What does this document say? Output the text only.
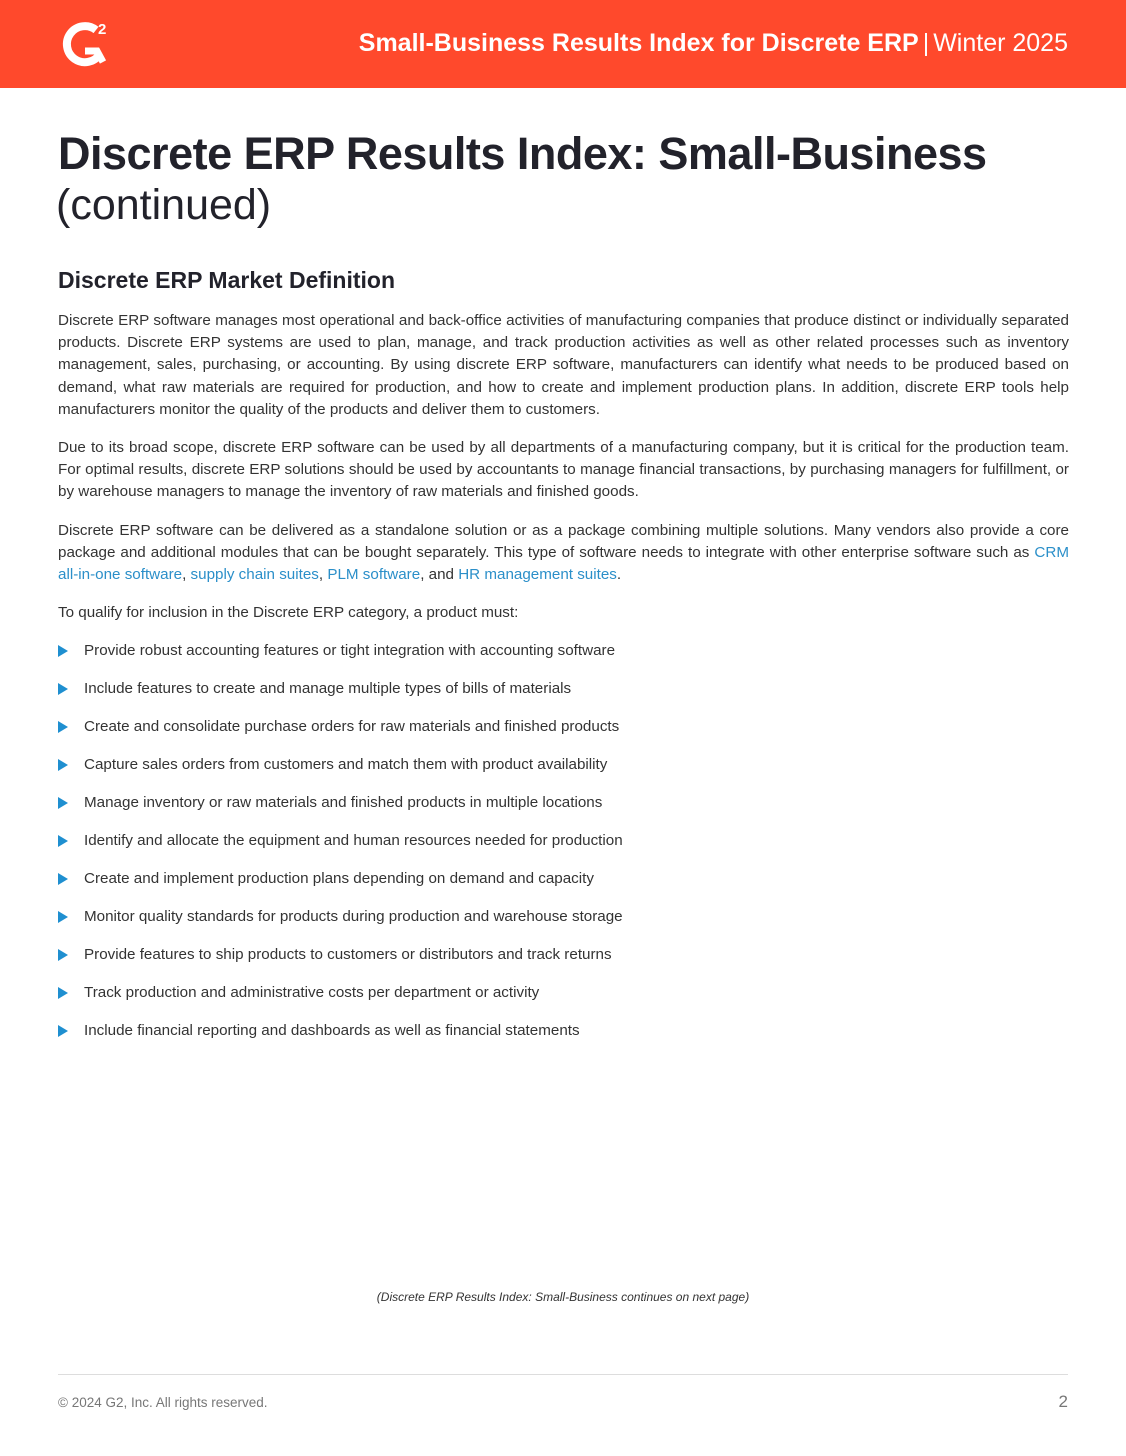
2	Small-Business Results Index for Discrete ERP | Winter 2025
Discrete ERP Results Index: Small-Business
(continued)
Discrete ERP Market Definition

Discrete ERP software manages most operational and back-office activities of manufacturing companies that produce distinct or individually separated products. Discrete ERP systems are used to plan, manage, and track production activities as well as other related processes such as inventory management, sales, purchasing, or accounting. By using discrete ERP software, manufacturers can identify what needs to be produced based on demand, what raw materials are required for production, and how to create and implement production plans. In addition, discrete ERP tools help manufacturers monitor the quality of the products and deliver them to customers.

Due to its broad scope, discrete ERP software can be used by all departments of a manufacturing company, but it is critical for the production team. For optimal results, discrete ERP solutions should be used by accountants to manage financial transactions, by purchasing managers for fulfillment, or by warehouse managers to manage the inventory of raw materials and finished goods.

Discrete ERP software can be delivered as a standalone solution or as a package combining multiple solutions. Many vendors also provide a core package and additional modules that can be bought separately. This type of software needs to integrate with other enterprise software such as CRM all-in-one software, supply chain suites, PLM software, and HR management suites.

To qualify for inclusion in the Discrete ERP category, a product must:

Provide robust accounting features or tight integration with accounting software
Include features to create and manage multiple types of bills of materials
Create and consolidate purchase orders for raw materials and finished products
Capture sales orders from customers and match them with product availability
Manage inventory or raw materials and finished products in multiple locations
Identify and allocate the equipment and human resources needed for production
Create and implement production plans depending on demand and capacity
Monitor quality standards for products during production and warehouse storage
Provide features to ship products to customers or distributors and track returns
Track production and administrative costs per department or activity
Include financial reporting and dashboards as well as financial statements
(Discrete ERP Results Index: Small-Business continues on next page)
© 2024 G2, Inc. All rights reserved.	2
